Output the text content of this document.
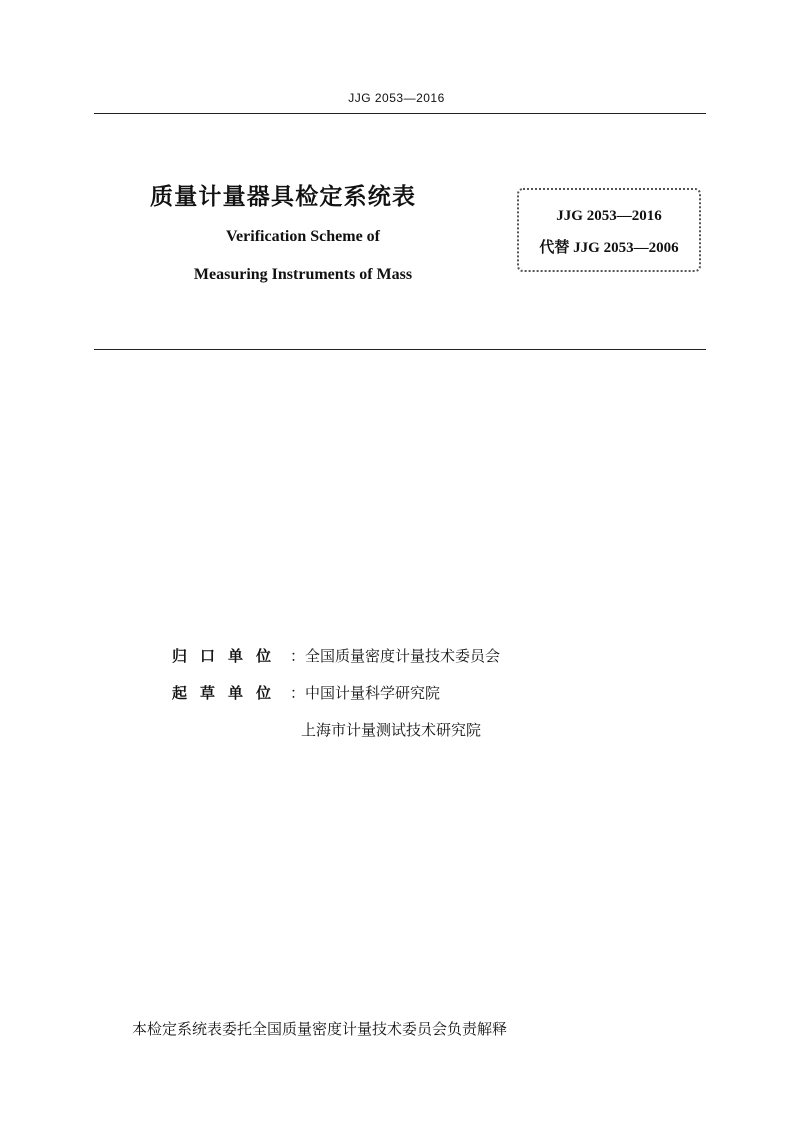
JJG 2053—2016
质量计量器具检定系统表
Verification Scheme of
Measuring Instruments of Mass
JJG 2053—2016
代替 JJG 2053—2006
归口单位 ：全国质量密度计量技术委员会
起草单位 ：中国计量科学研究院
上海市计量测试技术研究院
本检定系统表委托全国质量密度计量技术委员会负责解释
